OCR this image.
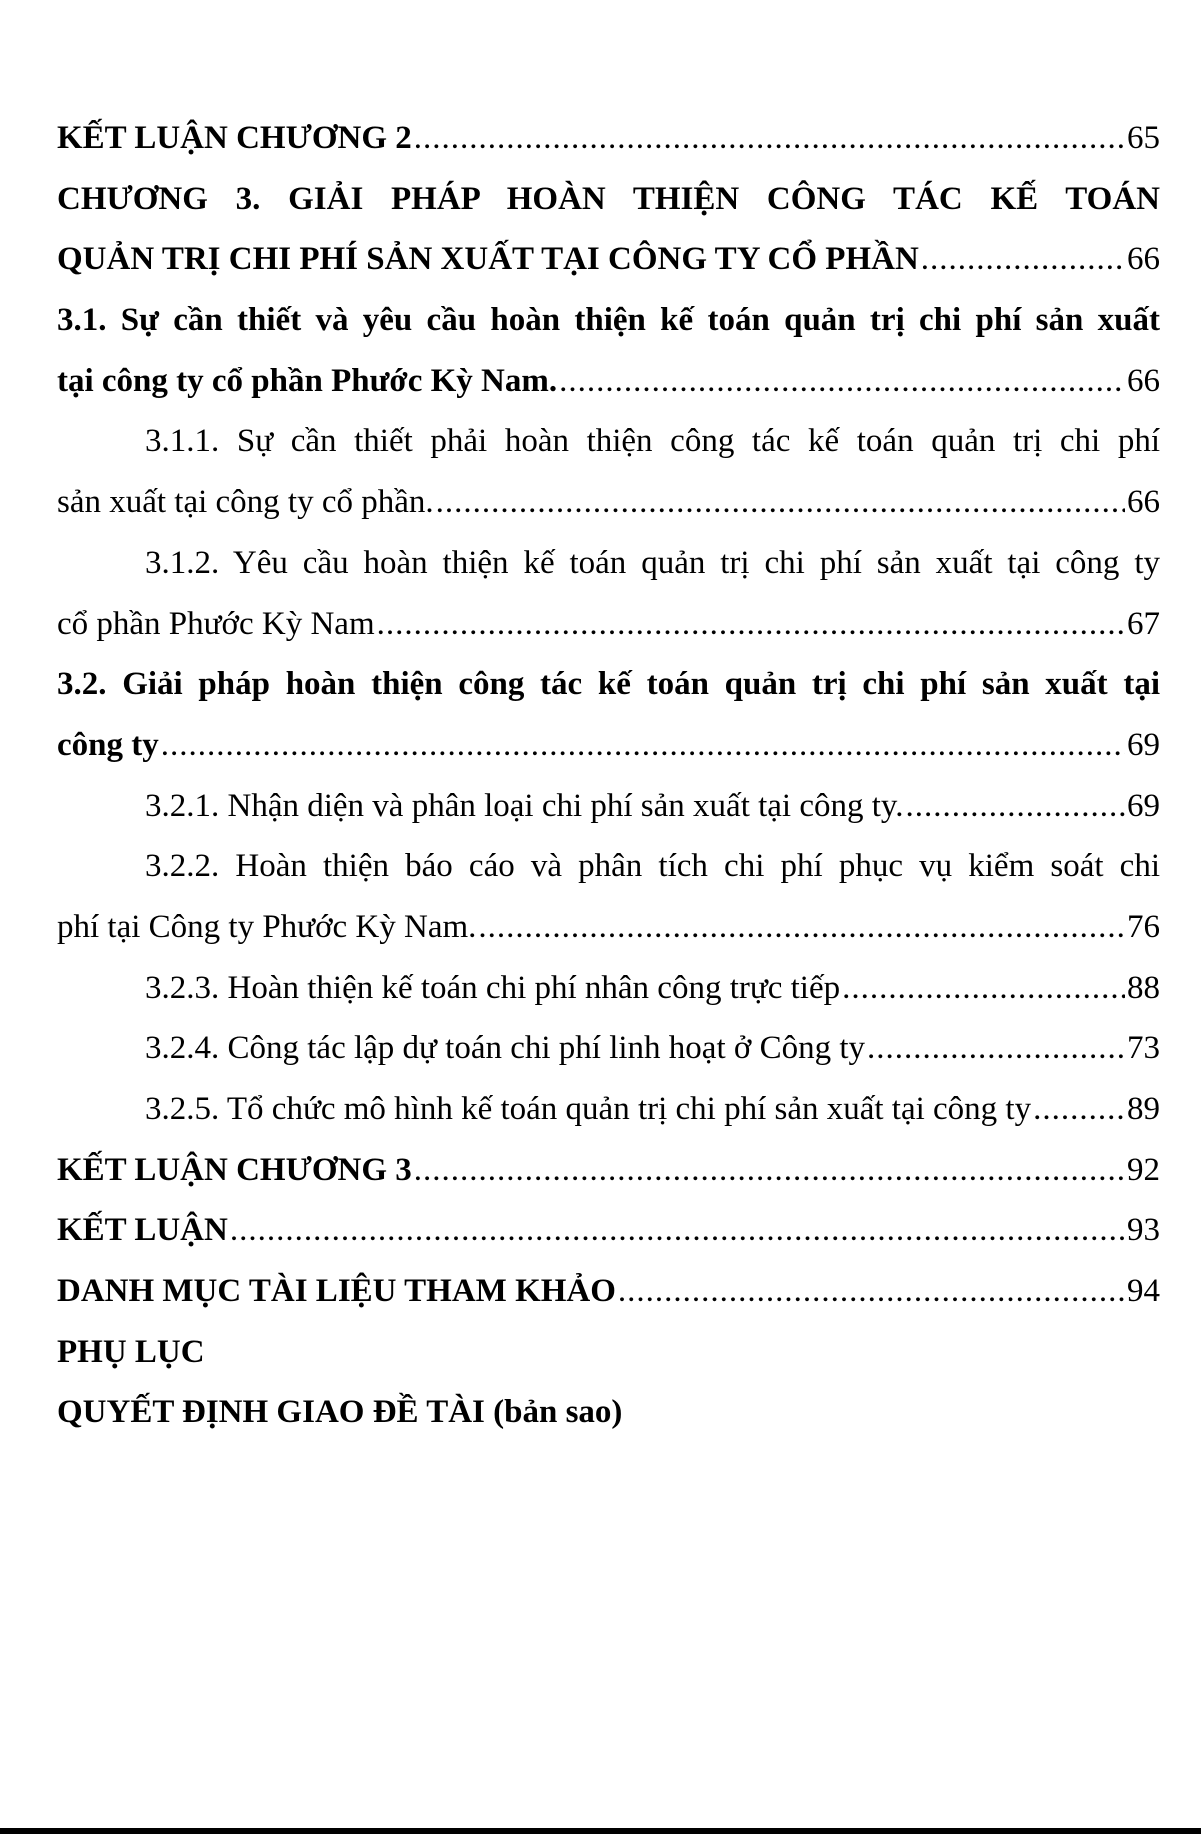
KẾT LUẬN CHƯƠNG 2 .....	65
CHƯƠNG 3. GIẢI PHÁP HOÀN THIỆN CÔNG TÁC KẾ TOÁN
QUẢN TRỊ CHI PHÍ SẢN XUẤT TẠI CÔNG TY CỔ PHẦN .....	66
3.1. Sự cần thiết và yêu cầu hoàn thiện kế toán quản trị chi phí sản xuất
tại công ty cổ phần Phước Kỳ Nam. .....	66
3.1.1. Sự cần thiết phải hoàn thiện công tác kế toán quản trị chi phí
sản xuất tại công ty cổ phần. .....	66
3.1.2. Yêu cầu hoàn thiện kế toán quản trị chi phí sản xuất tại công ty
cổ phần Phước Kỳ Nam .....	67
3.2. Giải pháp hoàn thiện công tác kế toán quản trị chi phí sản xuất tại
công ty .....	69
3.2.1. Nhận diện và phân loại chi phí sản xuất tại công ty. .....	69
3.2.2. Hoàn thiện báo cáo và phân tích chi phí phục vụ kiểm soát chi
phí tại Công ty Phước Kỳ Nam. .....	76
3.2.3. Hoàn thiện kế toán chi phí nhân công trực tiếp .....	88
3.2.4. Công tác lập dự toán chi phí linh hoạt ở Công ty .....	73
3.2.5. Tổ chức mô hình kế toán quản trị chi phí sản xuất tại công ty .....	89
KẾT LUẬN CHƯƠNG 3 .....	92
KẾT LUẬN .....	93
DANH MỤC TÀI LIỆU THAM KHẢO .....	94
PHỤ LỤC
QUYẾT ĐỊNH GIAO ĐỀ TÀI (bản sao)
